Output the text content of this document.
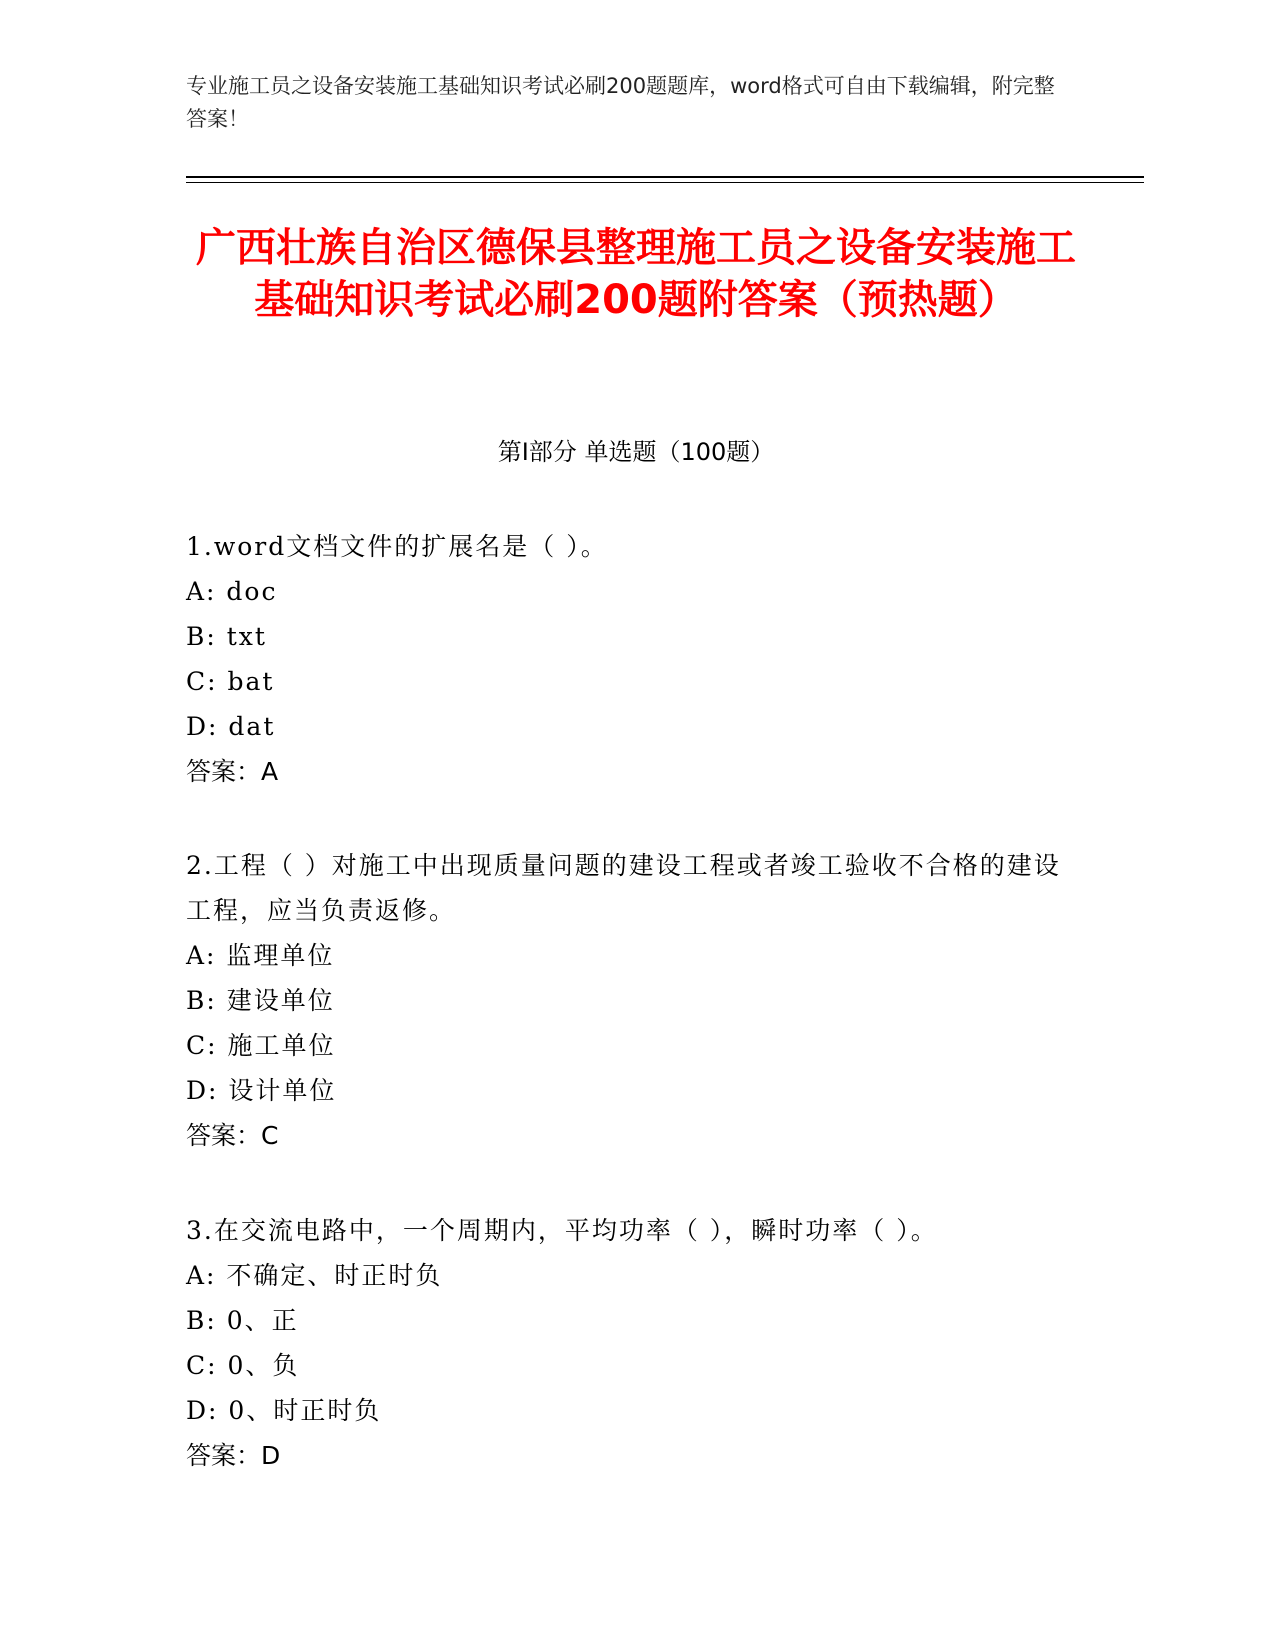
专业施工员之设备安装施工基础知识考试必刷200题题库，word格式可自由下载编辑，附完整答案！
广西壮族自治区德保县整理施工员之设备安装施工基础知识考试必刷200题附答案（预热题）
第I部分 单选题（100题）
1.word文档文件的扩展名是（ ）。
A: doc
B: txt
C: bat
D: dat
答案：A
2.工程（ ）对施工中出现质量问题的建设工程或者竣工验收不合格的建设工程，应当负责返修。
A: 监理单位
B: 建设单位
C: 施工单位
D: 设计单位
答案：C
3.在交流电路中，一个周期内，平均功率（ ），瞬时功率（ ）。
A: 不确定、时正时负
B: 0、正
C: 0、负
D: 0、时正时负
答案：D
